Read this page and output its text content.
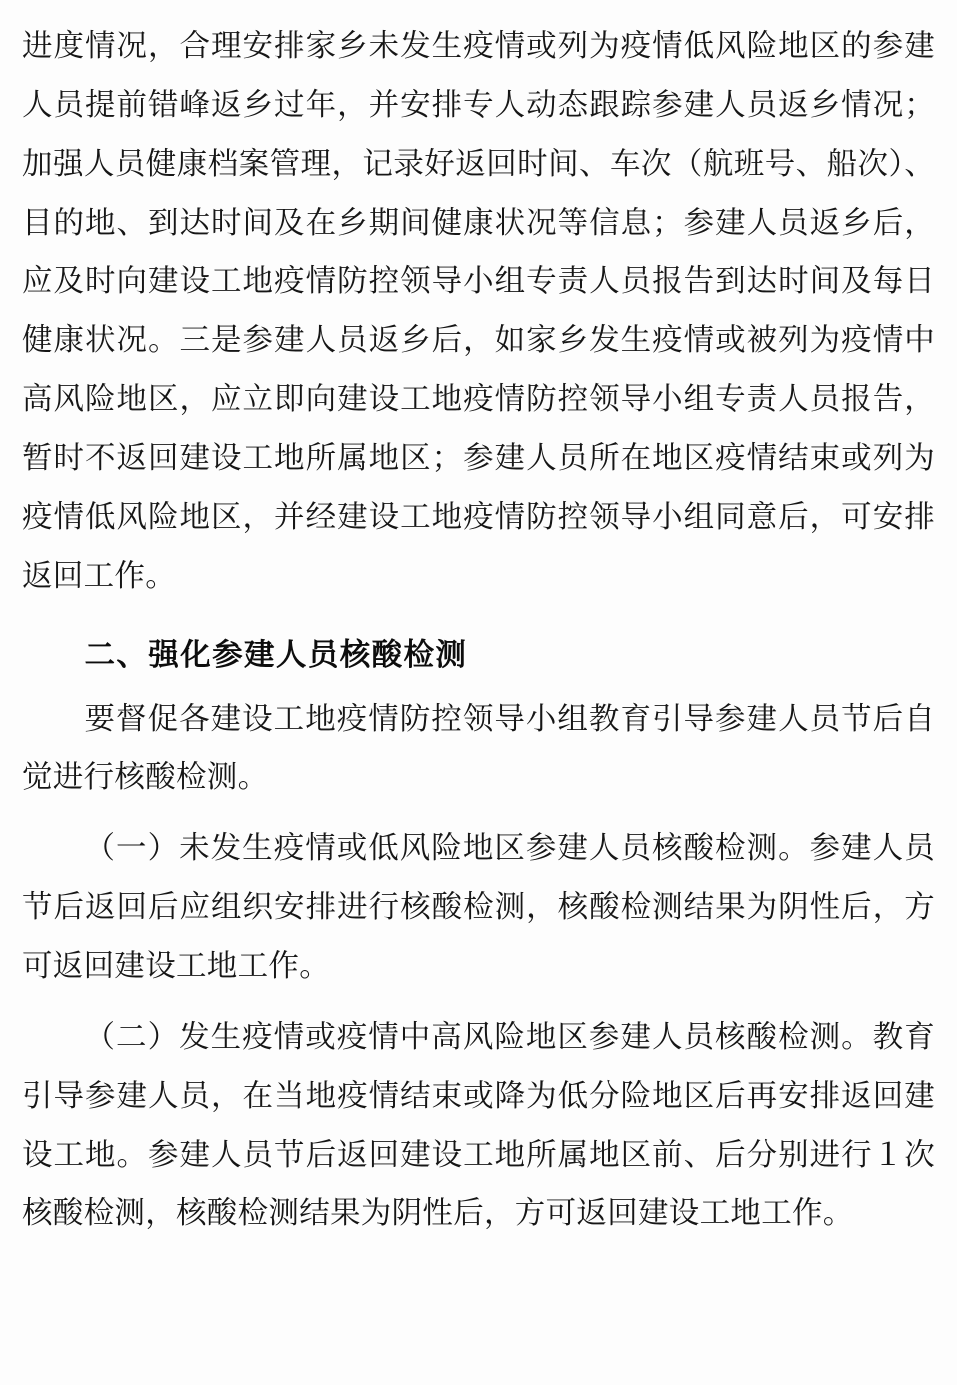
进度情况，合理安排家乡未发生疫情或列为疫情低风险地区的参建人员提前错峰返乡过年，并安排专人动态跟踪参建人员返乡情况；加强人员健康档案管理，记录好返回时间、车次（航班号、船次）、目的地、到达时间及在乡期间健康状况等信息；参建人员返乡后，应及时向建设工地疫情防控领导小组专责人员报告到达时间及每日健康状况。三是参建人员返乡后，如家乡发生疫情或被列为疫情中高风险地区，应立即向建设工地疫情防控领导小组专责人员报告，暂时不返回建设工地所属地区；参建人员所在地区疫情结束或列为疫情低风险地区，并经建设工地疫情防控领导小组同意后，可安排返回工作。

二、强化参建人员核酸检测

要督促各建设工地疫情防控领导小组教育引导参建人员节后自觉进行核酸检测。

（一）未发生疫情或低风险地区参建人员核酸检测。参建人员节后返回后应组织安排进行核酸检测，核酸检测结果为阴性后，方可返回建设工地工作。

（二）发生疫情或疫情中高风险地区参建人员核酸检测。教育引导参建人员，在当地疫情结束或降为低分险地区后再安排返回建设工地。参建人员节后返回建设工地所属地区前、后分别进行１次核酸检测，核酸检测结果为阴性后，方可返回建设工地工作。
